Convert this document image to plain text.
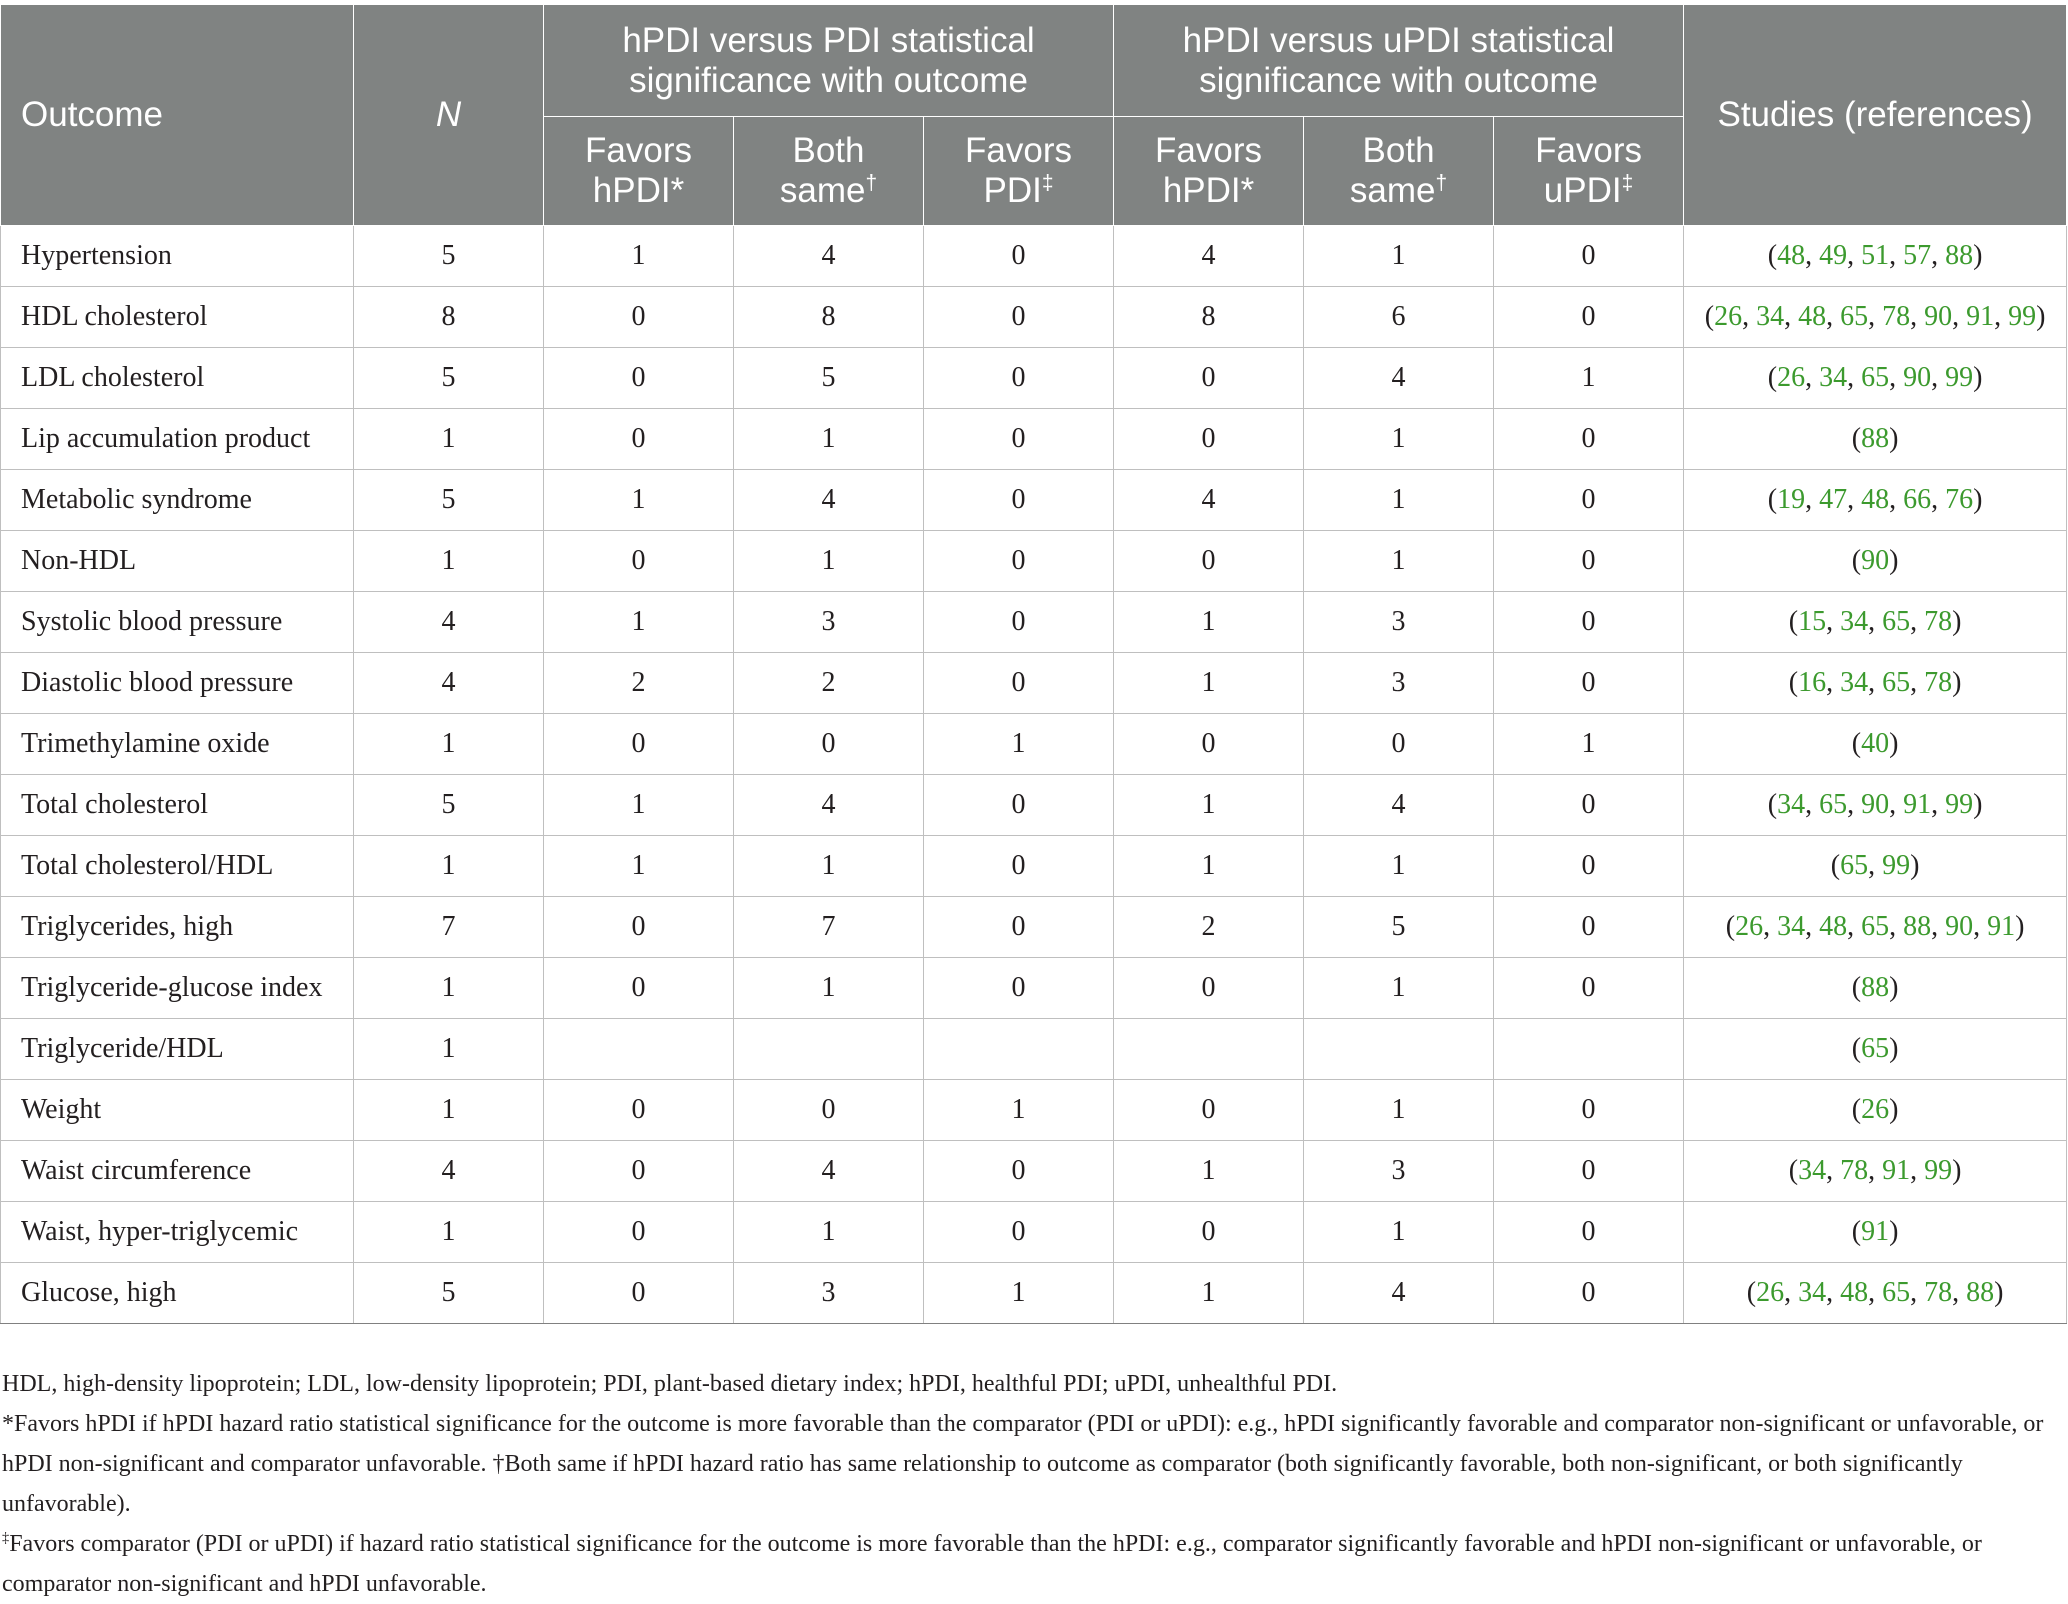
Outcome	N	hPDI versus PDI statistical significance with outcome			hPDI versus uPDI statistical significance with outcome			Studies (references)
		Favors hPDI*	Both same†	Favors PDI‡	Favors hPDI*	Both same†	Favors uPDI‡
Hypertension	5	1	4	0	4	1	0	(48, 49, 51, 57, 88)
HDL cholesterol	8	0	8	0	8	6	0	(26, 34, 48, 65, 78, 90, 91, 99)
LDL cholesterol	5	0	5	0	0	4	1	(26, 34, 65, 90, 99)
Lip accumulation product	1	0	1	0	0	1	0	(88)
Metabolic syndrome	5	1	4	0	4	1	0	(19, 47, 48, 66, 76)
Non-HDL	1	0	1	0	0	1	0	(90)
Systolic blood pressure	4	1	3	0	1	3	0	(15, 34, 65, 78)
Diastolic blood pressure	4	2	2	0	1	3	0	(16, 34, 65, 78)
Trimethylamine oxide	1	0	0	1	0	0	1	(40)
Total cholesterol	5	1	4	0	1	4	0	(34, 65, 90, 91, 99)
Total cholesterol/HDL	1	1	1	0	1	1	0	(65, 99)
Triglycerides, high	7	0	7	0	2	5	0	(26, 34, 48, 65, 88, 90, 91)
Triglyceride-glucose index	1	0	1	0	0	1	0	(88)
Triglyceride/HDL	1							(65)
Weight	1	0	0	1	0	1	0	(26)
Waist circumference	4	0	4	0	1	3	0	(34, 78, 91, 99)
Waist, hyper-triglycemic	1	0	1	0	0	1	0	(91)
Glucose, high	5	0	3	1	1	4	0	(26, 34, 48, 65, 78, 88)

HDL, high-density lipoprotein; LDL, low-density lipoprotein; PDI, plant-based dietary index; hPDI, healthful PDI; uPDI, unhealthful PDI.

*Favors hPDI if hPDI hazard ratio statistical significance for the outcome is more favorable than the comparator (PDI or uPDI): e.g., hPDI significantly favorable and comparator non-significant or unfavorable, or hPDI non-significant and comparator unfavorable. †Both same if hPDI hazard ratio has same relationship to outcome as comparator (both significantly favorable, both non-significant, or both significantly unfavorable).

‡Favors comparator (PDI or uPDI) if hazard ratio statistical significance for the outcome is more favorable than the hPDI: e.g., comparator significantly favorable and hPDI non-significant or unfavorable, or comparator non-significant and hPDI unfavorable.
